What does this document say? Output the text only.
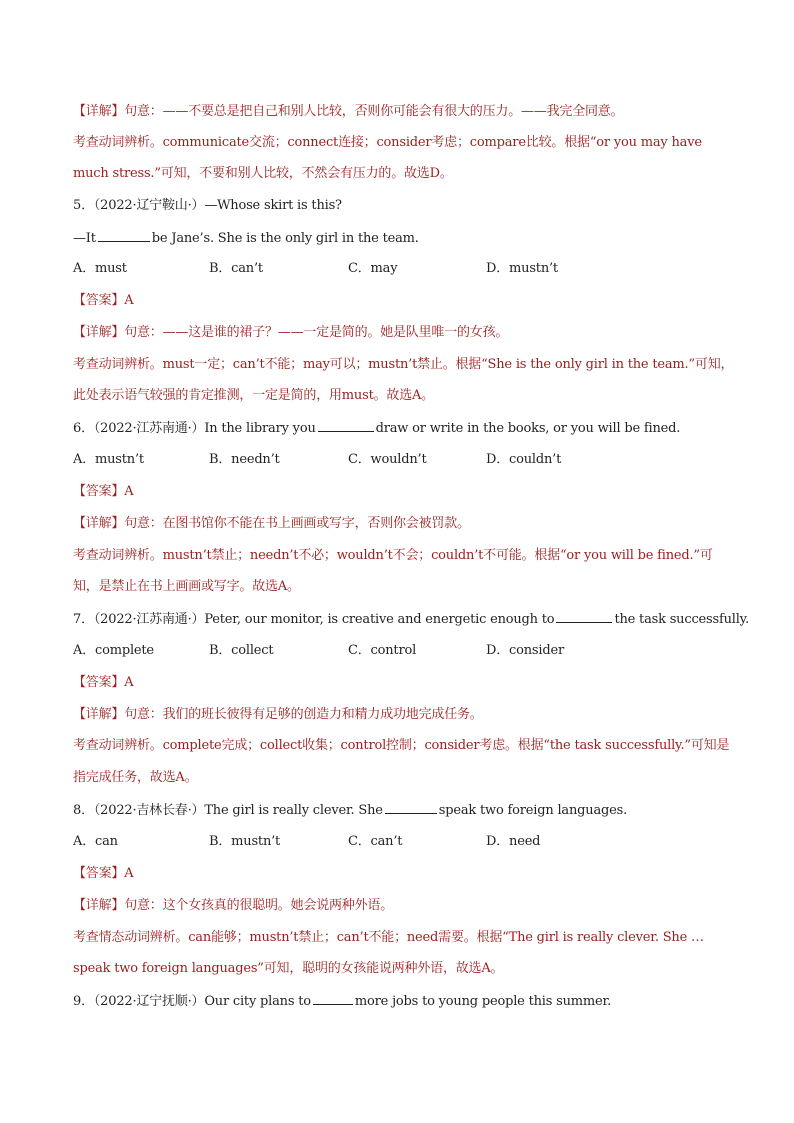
【详解】句意：——不要总是把自己和别人比较，否则你可能会有很大的压力。——我完全同意。
考查动词辨析。communicate交流；connect连接；consider考虑；compare比较。根据“or you may have
much stress.”可知，不要和别人比较，不然会有压力的。故选D。
5．（2022·辽宁鞍山·）—Whose skirt is this?
—It	be Jane’s. She is the only girl in the team.
A．must	B．can’t	C．may	D．mustn’t
【答案】A
【详解】句意：——这是谁的裙子？——一定是简的。她是队里唯一的女孩。
考查动词辨析。must一定；can’t不能；may可以；mustn’t禁止。根据“She is the only girl in the team.”可知，
此处表示语气较强的肯定推测，一定是简的，用must。故选A。
6．（2022·江苏南通·）In the library you	draw or write in the books, or you will be fined.
A．mustn’t	B．needn’t	C．wouldn’t	D．couldn’t
【答案】A
【详解】句意：在图书馆你不能在书上画画或写字，否则你会被罚款。
考查动词辨析。mustn’t禁止；needn’t不必；wouldn’t不会；couldn’t不可能。根据“or you will be fined.”可
知，是禁止在书上画画或写字。故选A。
7．（2022·江苏南通·）Peter, our monitor, is creative and energetic enough to	the task successfully.
A．complete	B．collect	C．control	D．consider
【答案】A
【详解】句意：我们的班长彼得有足够的创造力和精力成功地完成任务。
考查动词辨析。complete完成；collect收集；control控制；consider考虑。根据“the task successfully.”可知是
指完成任务，故选A。
8．（2022·吉林长春·）The girl is really clever. She	speak two foreign languages.
A．can	B．mustn’t	C．can’t	D．need
【答案】A
【详解】句意：这个女孩真的很聪明。她会说两种外语。
考查情态动词辨析。can能够；mustn’t禁止；can’t不能；need需要。根据“The girl is really clever. She …
speak two foreign languages”可知，聪明的女孩能说两种外语，故选A。
9．（2022·辽宁抚顺·）Our city plans to	more jobs to young people this summer.
